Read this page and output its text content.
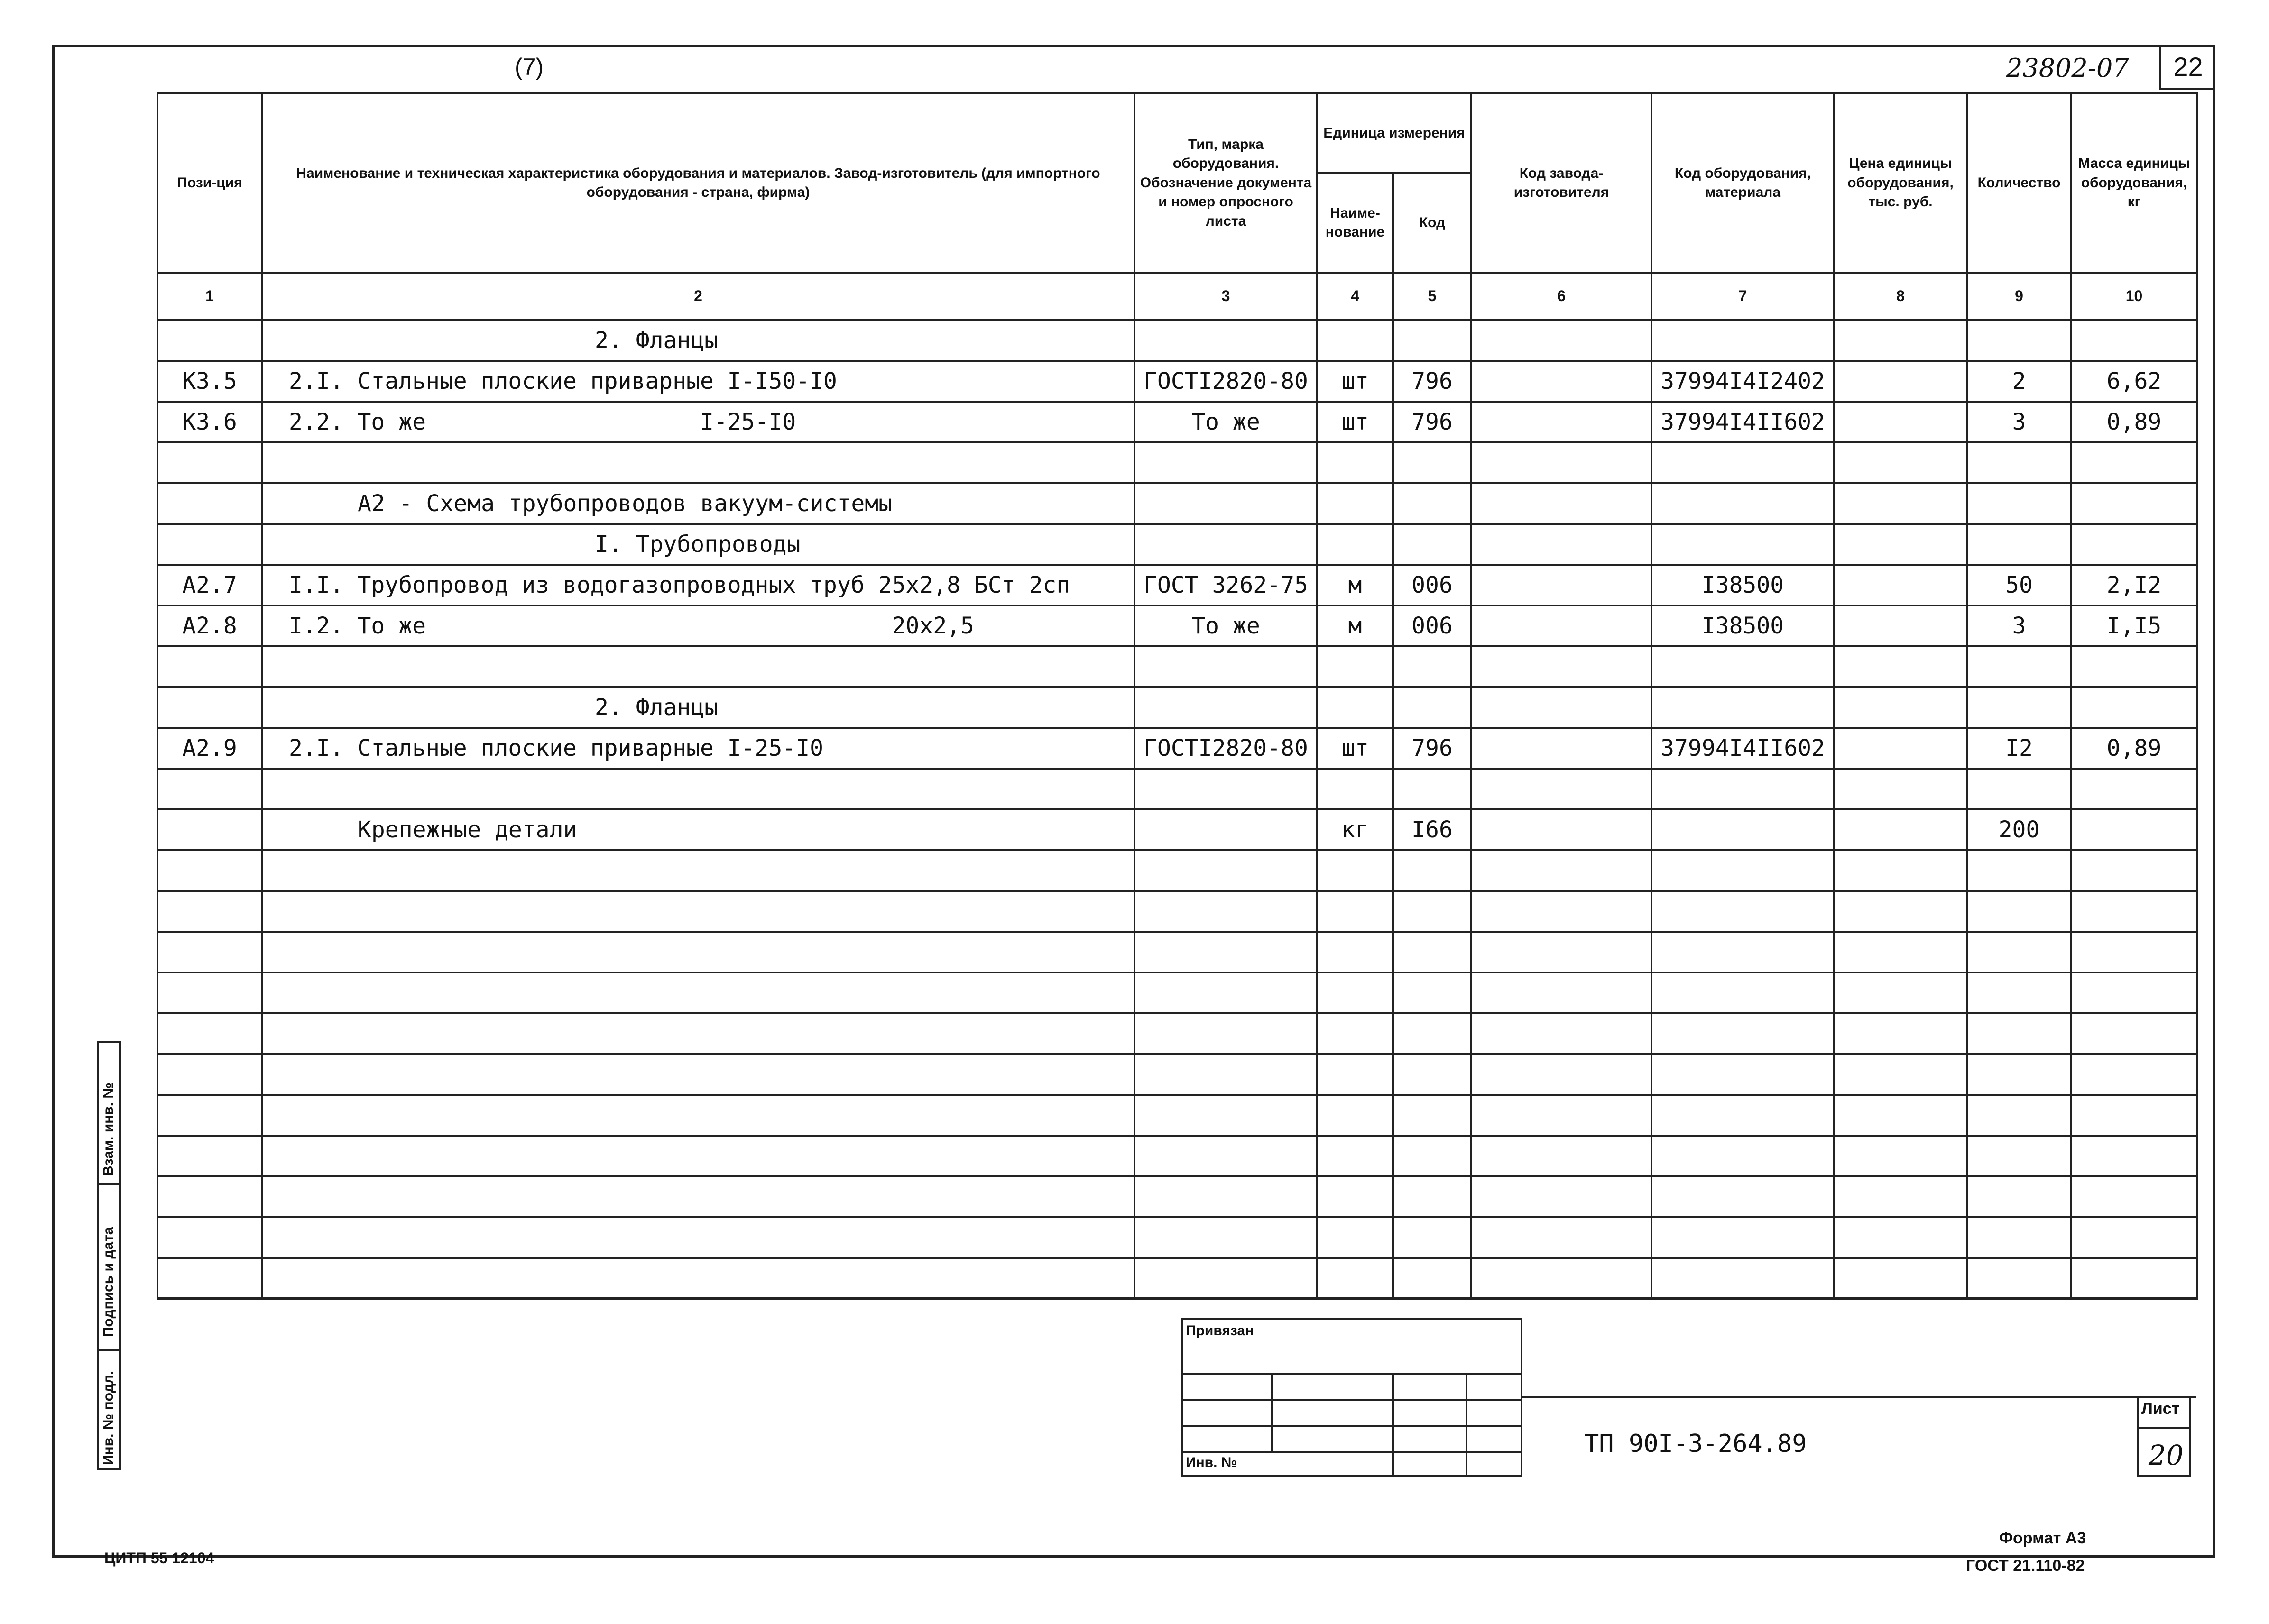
22
(7)	23802-07
Пози-ция	Наименование и техническая характеристика оборудования и материалов. Завод-изготовитель (для импортного оборудования - страна, фирма)	Тип, марка оборудования. Обозначение документа и номер опросного листа	Единица измерения		Код завода-изготовителя	Код оборудования, материала	Цена единицы оборудования, тыс. руб.	Количество	Масса единицы оборудования, кг
			Наиме-нование	Код					
1	2	3	4	5	6	7	8	9	10
	2. Фланцы								
К3.5	2.I. Стальные плоские приварные I-I50-I0	ГОСТI2820-80	шт	796		37994I4I2402		2	6,62
К3.6	2.2. То же                    I-25-I0	То же	шт	796		37994I4II602		3	0,89

	А2 - Схема трубопроводов вакуум-системы								
	I. Трубопроводы								
А2.7	I.I. Трубопровод из водогазопроводных труб 25х2,8 БСт 2сп	ГОСТ 3262-75	м	006		I38500		50	2,I2
А2.8	I.2. То же                                  20х2,5	То же	м	006		I38500		3	I,I5

	2. Фланцы								
А2.9	2.I. Стальные плоские приварные I-25-I0	ГОСТI2820-80	шт	796		37994I4II602		I2	0,89

	Крепежные детали		кг	I66				200	

Взам. инв. №
Подпись и дата
Инв. № подл.
Привязан
Инв. №
ТП 90I-3-264.89
Лист
20
ЦИТП 55 12104
Формат А3
ГОСТ 21.110-82
